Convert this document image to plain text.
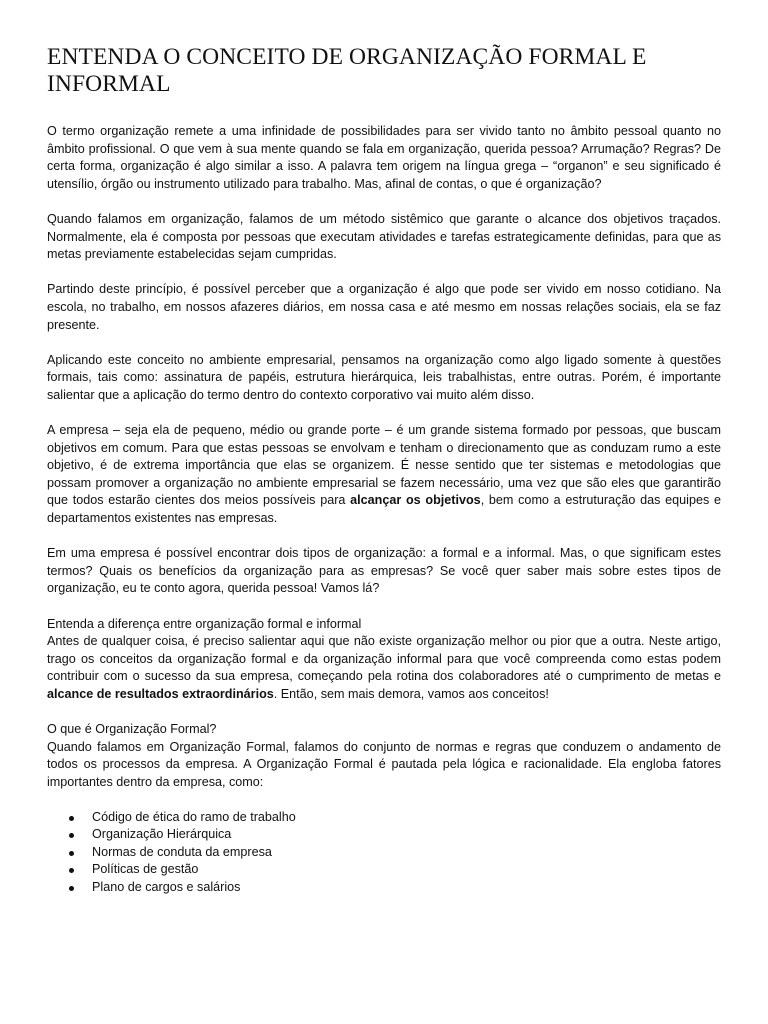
ENTENDA O CONCEITO DE ORGANIZAÇÃO FORMAL E INFORMAL

O termo organização remete a uma infinidade de possibilidades para ser vivido tanto no âmbito pessoal quanto no âmbito profissional. O que vem à sua mente quando se fala em organização, querida pessoa? Arrumação? Regras? De certa forma, organização é algo similar a isso. A palavra tem origem na língua grega – “organon” e seu significado é utensílio, órgão ou instrumento utilizado para trabalho. Mas, afinal de contas, o que é organização?

Quando falamos em organização, falamos de um método sistêmico que garante o alcance dos objetivos traçados. Normalmente, ela é composta por pessoas que executam atividades e tarefas estrategicamente definidas, para que as metas previamente estabelecidas sejam cumpridas.

Partindo deste princípio, é possível perceber que a organização é algo que pode ser vivido em nosso cotidiano. Na escola, no trabalho, em nossos afazeres diários, em nossa casa e até mesmo em nossas relações sociais, ela se faz presente.

Aplicando este conceito no ambiente empresarial, pensamos na organização como algo ligado somente à questões formais, tais como: assinatura de papéis, estrutura hierárquica, leis trabalhistas, entre outras. Porém, é importante salientar que a aplicação do termo dentro do contexto corporativo vai muito além disso.

A empresa – seja ela de pequeno, médio ou grande porte – é um grande sistema formado por pessoas, que buscam objetivos em comum. Para que estas pessoas se envolvam e tenham o direcionamento que as conduzam rumo a este objetivo, é de extrema importância que elas se organizem. É nesse sentido que ter sistemas e metodologias que possam promover a organização no ambiente empresarial se fazem necessário, uma vez que são eles que garantirão que todos estarão cientes dos meios possíveis para alcançar os objetivos, bem como a estruturação das equipes e departamentos existentes nas empresas.

Em uma empresa é possível encontrar dois tipos de organização: a formal e a informal. Mas, o que significam estes termos? Quais os benefícios da organização para as empresas? Se você quer saber mais sobre estes tipos de organização, eu te conto agora, querida pessoa! Vamos lá?

Entenda a diferença entre organização formal e informal

Antes de qualquer coisa, é preciso salientar aqui que não existe organização melhor ou pior que a outra. Neste artigo, trago os conceitos da organização formal e da organização informal para que você compreenda como estas podem contribuir com o sucesso da sua empresa, começando pela rotina dos colaboradores até o cumprimento de metas e alcance de resultados extraordinários. Então, sem mais demora, vamos aos conceitos!

O que é Organização Formal?

Quando falamos em Organização Formal, falamos do conjunto de normas e regras que conduzem o andamento de todos os processos da empresa. A Organização Formal é pautada pela lógica e racionalidade. Ela engloba fatores importantes dentro da empresa, como:

Código de ética do ramo de trabalho
Organização Hierárquica
Normas de conduta da empresa
Políticas de gestão
Plano de cargos e salários
